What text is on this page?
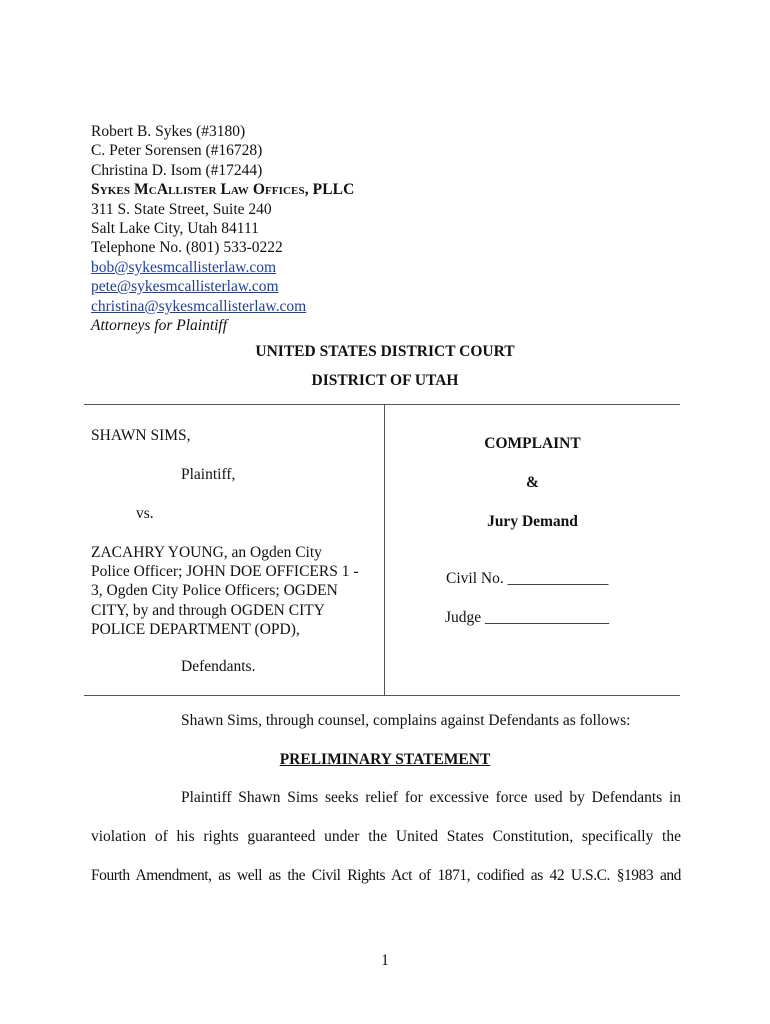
Robert B. Sykes (#3180)
C. Peter Sorensen (#16728)
Christina D. Isom (#17244)
Sykes McAllister Law Offices, PLLC
311 S. State Street, Suite 240
Salt Lake City, Utah 84111
Telephone No. (801) 533-0222
bob@sykesmcallisterlaw.com
pete@sykesmcallisterlaw.com
christina@sykesmcallisterlaw.com
Attorneys for Plaintiff
UNITED STATES DISTRICT COURT
DISTRICT OF UTAH
SHAWN SIMS,
Plaintiff,
vs.
ZACAHRY YOUNG, an Ogden City
Police Officer; JOHN DOE OFFICERS 1 -
3, Ogden City Police Officers; OGDEN
CITY, by and through OGDEN CITY
POLICE DEPARTMENT (OPD),
Defendants.
COMPLAINT
&
Jury Demand
Civil No. _____________
Judge ________________
Shawn Sims, through counsel, complains against Defendants as follows:
PRELIMINARY STATEMENT
Plaintiff Shawn Sims seeks relief for excessive force used by Defendants in
violation of his rights guaranteed under the United States Constitution, specifically the
Fourth Amendment, as well as the Civil Rights Act of 1871, codified as 42 U.S.C. §1983 and
1
